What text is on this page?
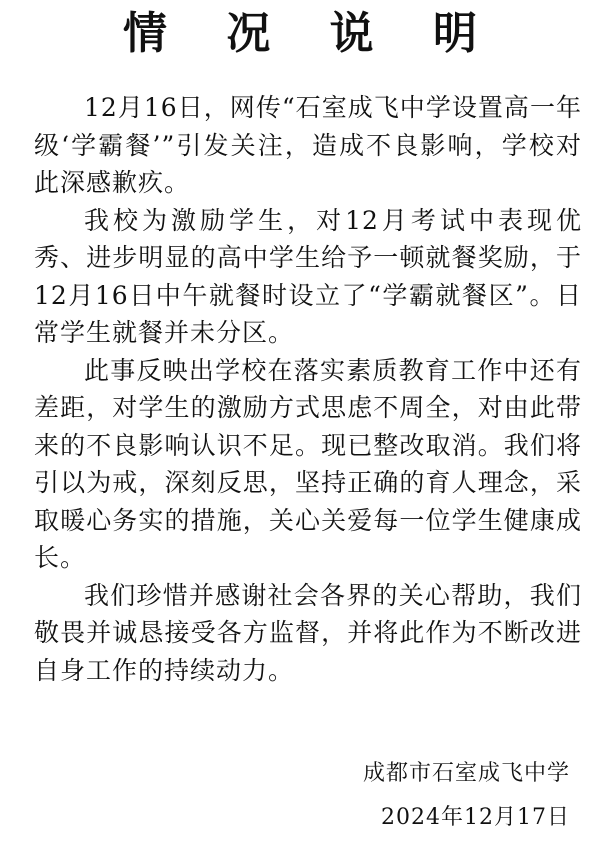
情 况 说 明

12月16日，网传“石室成飞中学设置高一年级‘学霸餐’”引发关注，造成不良影响，学校对此深感歉疚。

我校为激励学生，对12月考试中表现优秀、进步明显的高中学生给予一顿就餐奖励，于12月16日中午就餐时设立了“学霸就餐区”。日常学生就餐并未分区。

此事反映出学校在落实素质教育工作中还有差距，对学生的激励方式思虑不周全，对由此带来的不良影响认识不足。现已整改取消。我们将引以为戒，深刻反思，坚持正确的育人理念，采取暖心务实的措施，关心关爱每一位学生健康成长。

我们珍惜并感谢社会各界的关心帮助，我们敬畏并诚恳接受各方监督，并将此作为不断改进自身工作的持续动力。

成都市石室成飞中学
2024年12月17日
